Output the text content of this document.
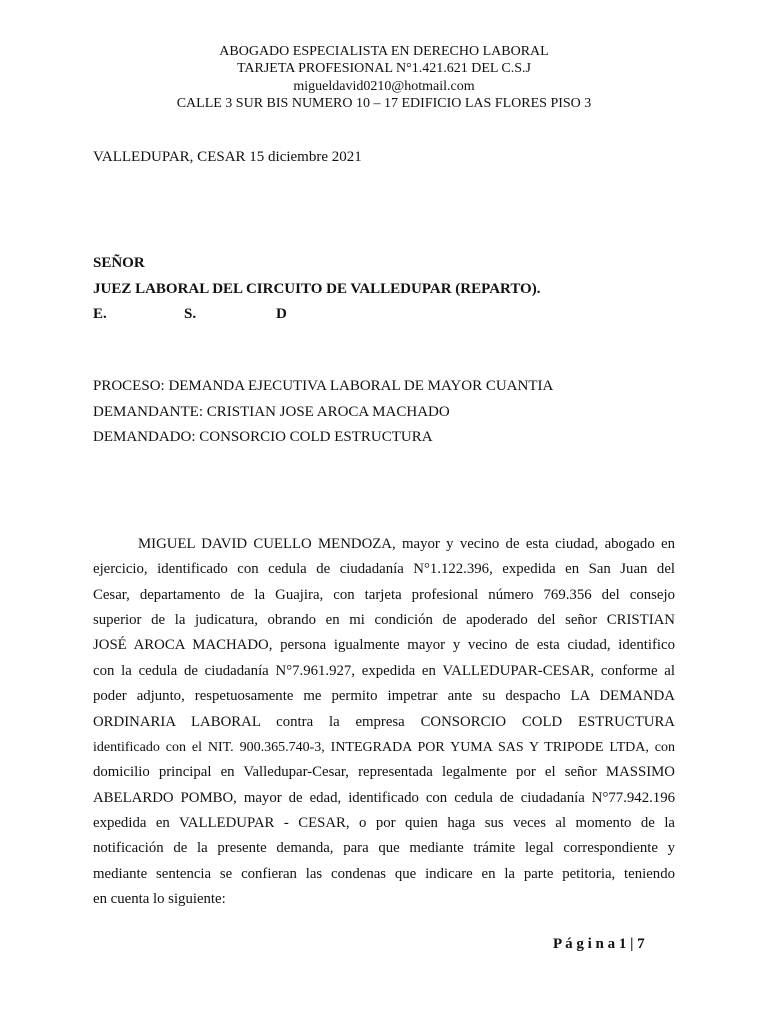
ABOGADO ESPECIALISTA EN DERECHO LABORAL
TARJETA PROFESIONAL N°1.421.621 DEL C.S.J
migueldavid0210@hotmail.com
CALLE 3 SUR BIS NUMERO 10 – 17 EDIFICIO LAS FLORES PISO 3
VALLEDUPAR, CESAR 15 diciembre 2021
SEÑOR
JUEZ LABORAL DEL CIRCUITO DE VALLEDUPAR (REPARTO).
E.	S.	D
PROCESO: DEMANDA EJECUTIVA LABORAL DE MAYOR CUANTIA
DEMANDANTE: CRISTIAN JOSE AROCA MACHADO
DEMANDADO: CONSORCIO COLD ESTRUCTURA
MIGUEL DAVID CUELLO MENDOZA, mayor y vecino de esta ciudad, abogado en
ejercicio, identificado con cedula de ciudadanía N°1.122.396, expedida en San Juan del
Cesar, departamento de la Guajira, con tarjeta profesional número 769.356 del consejo
superior de la judicatura, obrando en mi condición de apoderado del señor CRISTIAN
JOSÉ AROCA MACHADO, persona igualmente mayor y vecino de esta ciudad, identifico
con la cedula de ciudadanía N°7.961.927, expedida en VALLEDUPAR-CESAR, conforme al
poder adjunto, respetuosamente me permito impetrar ante su despacho LA DEMANDA
ORDINARIA LABORAL contra la empresa CONSORCIO COLD ESTRUCTURA
identificado con el NIT. 900.365.740-3, INTEGRADA POR YUMA SAS Y TRIPODE LTDA, con
domicilio principal en Valledupar-Cesar, representada legalmente por el señor MASSIMO
ABELARDO POMBO, mayor de edad, identificado con cedula de ciudadanía N°77.942.196
expedida en VALLEDUPAR - CESAR, o por quien haga sus veces al momento de la
notificación de la presente demanda, para que mediante trámite legal correspondiente y
mediante sentencia se confieran las condenas que indicare en la parte petitoria, teniendo
en cuenta lo siguiente:
P á g i n a 1 | 7
